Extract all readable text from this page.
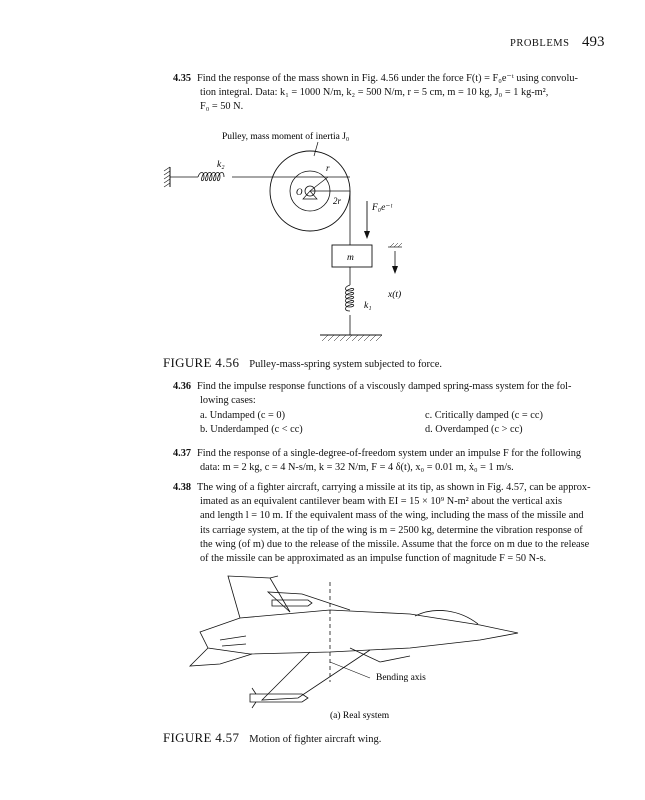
PROBLEMS 493
4.35 Find the response of the mass shown in Fig. 4.56 under the force F(t) = F₀e⁻ᵗ using convolu-
tion integral. Data: k₁ = 1000 N/m, k₂ = 500 N/m, r = 5 cm, m = 10 kg, J₀ = 1 kg-m²,
F₀ = 50 N.
Pulley, mass moment of inertia J₀
k₂
O
r
2r
F₀e⁻ᵗ
m
x(t)
k₁
FIGURE 4.56 Pulley-mass-spring system subjected to force.
4.36 Find the impulse response functions of a viscously damped spring-mass system for the fol-
lowing cases:
a. Undamped (c = 0)
b. Underdamped (c < cc)
c. Critically damped (c = cc)
d. Overdamped (c > cc)
4.37 Find the response of a single-degree-of-freedom system under an impulse F for the following
data: m = 2 kg, c = 4 N-s/m, k = 32 N/m, F = 4 δ(t), x₀ = 0.01 m, ẋ₀ = 1 m/s.
4.38 The wing of a fighter aircraft, carrying a missile at its tip, as shown in Fig. 4.57, can be approx-
imated as an equivalent cantilever beam with EI = 15 × 10⁹ N-m² about the vertical axis
and length l = 10 m. If the equivalent mass of the wing, including the mass of the missile and
its carriage system, at the tip of the wing is m = 2500 kg, determine the vibration response of
the wing (of m) due to the release of the missile. Assume that the force on m due to the release
of the missile can be approximated as an impulse function of magnitude F = 50 N-s.
Bending axis
(a) Real system
FIGURE 4.57 Motion of fighter aircraft wing.
